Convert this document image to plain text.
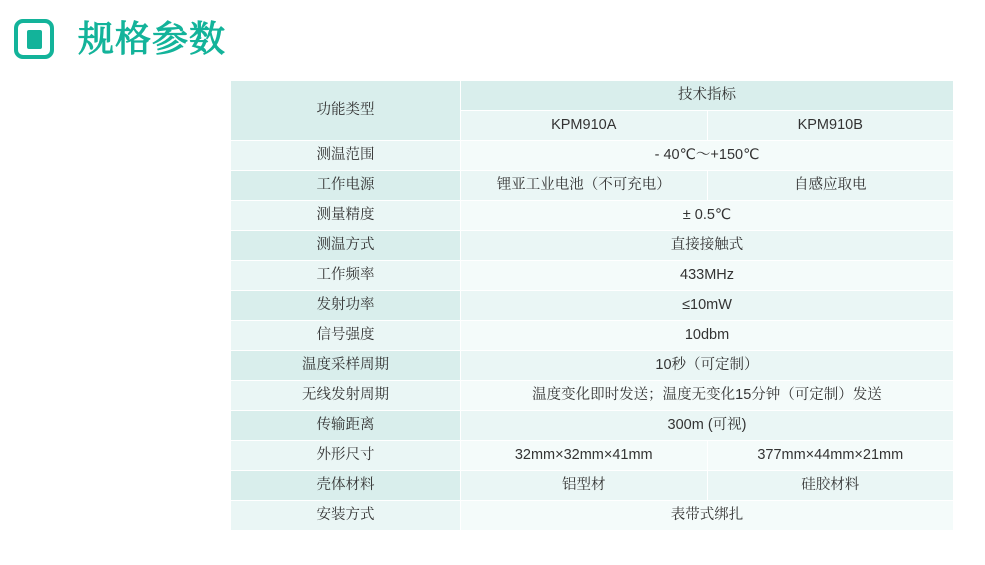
规格参数
功能类型	技术指标	
	KPM910A	KPM910B
测温范围	- 40℃～+150℃	
工作电源	锂亚工业电池（不可充电）	自感应取电
测量精度	± 0.5℃	
测温方式	直接接触式	
工作频率	433MHz	
发射功率	≤10mW	
信号强度	10dbm	
温度采样周期	10秒（可定制）	
无线发射周期	温度变化即时发送；温度无变化15分钟（可定制）发送	
传输距离	300m (可视)	
外形尺寸	32mm×32mm×41mm	377mm×44mm×21mm
壳体材料	铝型材	硅胶材料
安装方式	表带式绑扎	
